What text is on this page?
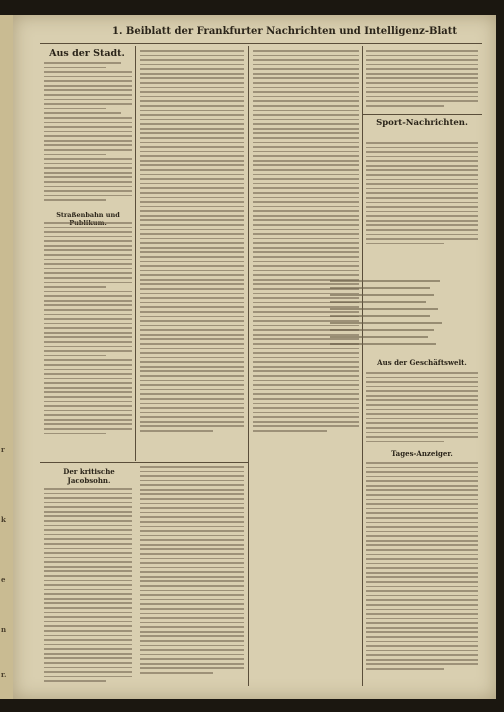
r
k
e
n
r.
1. Beiblatt der Frankfurter Nachrichten und Intelligenz-Blatt
Aus der Stadt.
Straßenbahn und
Sport-Nachrichten.
Aus der Geschäftswelt.
Tages-Anzeiger.
Der kritische Jacobsohn.
